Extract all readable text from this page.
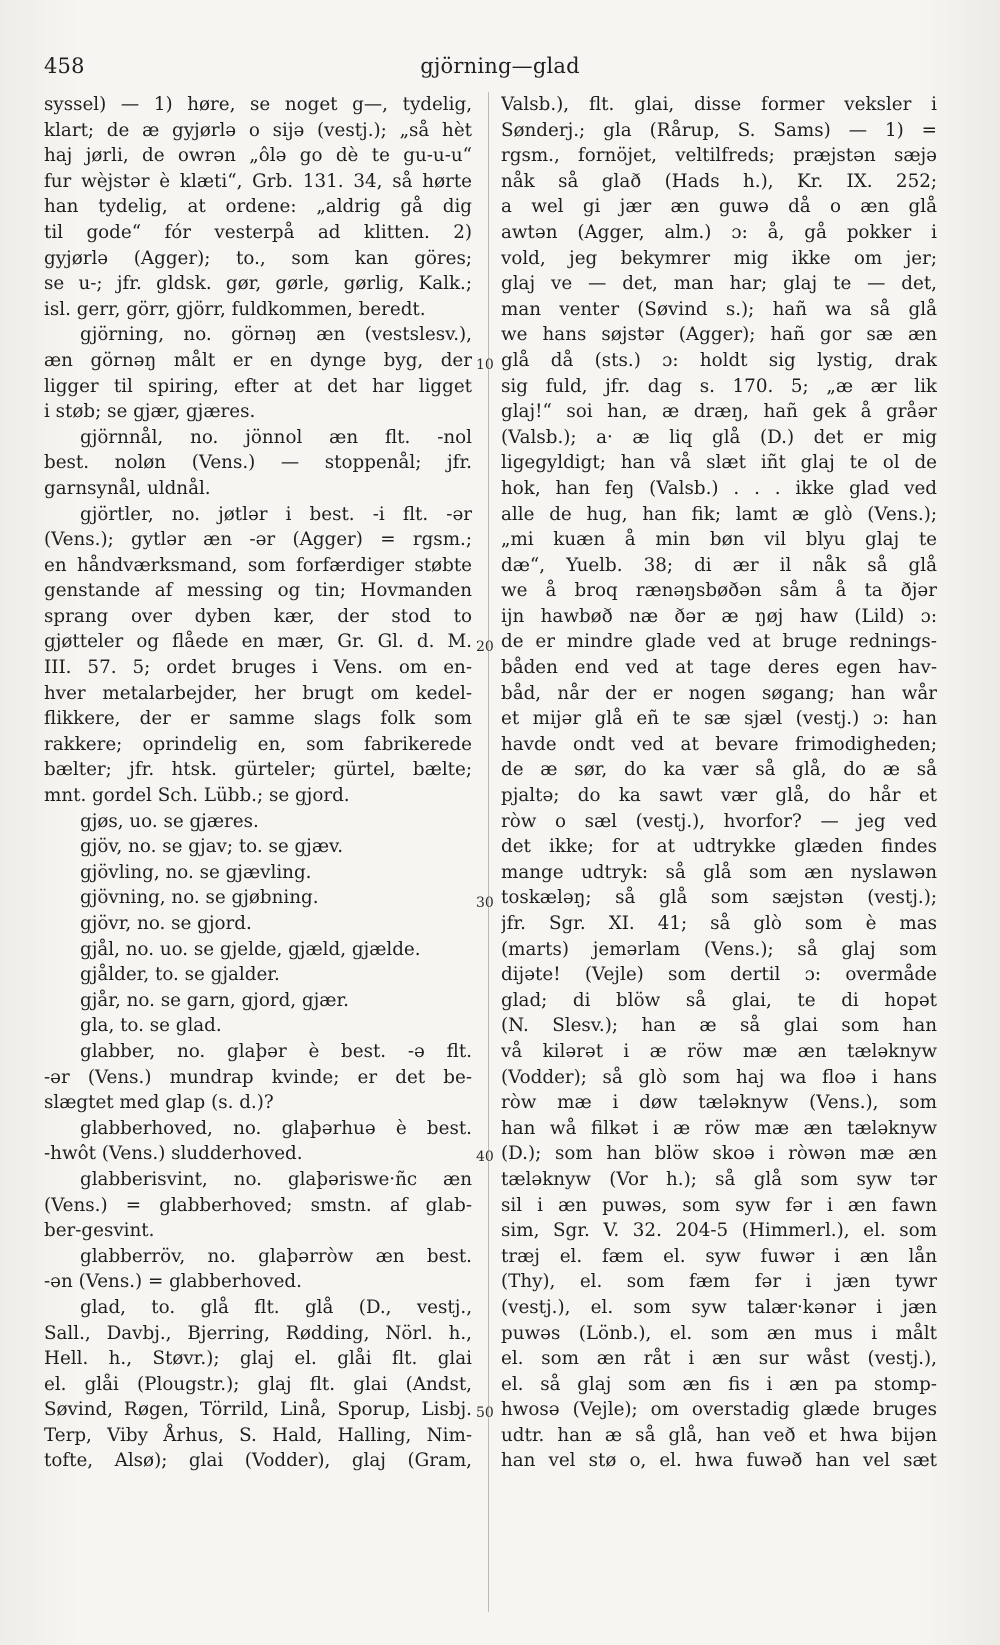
458	gjörning—glad
10
20
30
40
50
syssel) — 1) høre, se noget g—, tydelig,
klart; de æ gyjørlə o sijə (vestj.); „så hèt
haj jørli, de owrən „ôlə go dè te gu-u-u“
fur wèjstər è klæti“, Grb. 131. 34, så hørte
han tydelig, at ordene: „aldrig gå dig
til gode“ fór vesterpå ad klitten. 2)
gyjørlə (Agger); to., som kan göres;
se u-; jfr. gldsk. gør, gørle, gørlig, Kalk.;
isl. gerr, görr, gjörr, fuldkommen, beredt.
gjörning, no. görnəŋ æn (vestslesv.),
æn görnəŋ målt er en dynge byg, der
ligger til spiring, efter at det har ligget
i støb; se gjær, gjæres.
gjörnnål, no. jönnol æn flt. -nol
best. noløn (Vens.) — stoppenål; jfr.
garnsynål, uldnål.
gjörtler, no. jøtlər i best. -i flt. -ər
(Vens.); gytlər æn -ər (Agger) = rgsm.;
en håndværksmand, som forfærdiger støbte
genstande af messing og tin; Hovmanden
sprang over dyben kær, der stod to
gjøtteler og flåede en mær, Gr. Gl. d. M.
III. 57. 5; ordet bruges i Vens. om en-
hver metalarbejder, her brugt om kedel-
flikkere, der er samme slags folk som
rakkere; oprindelig en, som fabrikerede
bælter; jfr. htsk. gürteler; gürtel, bælte;
mnt. gordel Sch. Lübb.; se gjord.
gjøs, uo. se gjæres.
gjöv, no. se gjav; to. se gjæv.
gjövling, no. se gjævling.
gjövning, no. se gjøbning.
gjövr, no. se gjord.
gjål, no. uo. se gjelde, gjæld, gjælde.
gjålder, to. se gjalder.
gjår, no. se garn, gjord, gjær.
gla, to. se glad.
glabber, no. glaþər è best. -ə flt.
-ər (Vens.) mundrap kvinde; er det be-
slægtet med glap (s. d.)?
glabberhoved, no. glaþərhuə è best.
-hwôt (Vens.) sludderhoved.
glabberisvint, no. glaþəriswe·ñc æn
(Vens.) = glabberhoved; smstn. af glab-
ber-gesvint.
glabberröv, no. glaþərròw æn best.
-ən (Vens.) = glabberhoved.
glad, to. glå flt. glå (D., vestj.,
Sall., Davbj., Bjerring, Rødding, Nörl. h.,
Hell. h., Støvr.); glaj el. glåi flt. glai
el. glåi (Plougstr.); glaj flt. glai (Andst,
Søvind, Røgen, Törrild, Linå, Sporup, Lisbj.
Terp, Viby Århus, S. Hald, Halling, Nim-
tofte, Alsø); glai (Vodder), glaj (Gram,
Valsb.), flt. glai, disse former veksler i
Sønderj.; gla (Rårup, S. Sams) — 1) =
rgsm., fornöjet, veltilfreds; præjstən sæjə
nåk så glað (Hads h.), Kr. IX. 252;
a wel gi jær æn guwə då o æn glå
awtən (Agger, alm.) ɔ: å, gå pokker i
vold, jeg bekymrer mig ikke om jer;
glaj ve — det, man har; glaj te — det,
man venter (Søvind s.); hañ wa så glå
we hans søjstər (Agger); hañ gor sæ æn
glå då (sts.) ɔ: holdt sig lystig, drak
sig fuld, jfr. dag s. 170. 5; „æ ær lik
glaj!“ soi han, æ dræŋ, hañ gek å gråər
(Valsb.); a· æ liq glå (D.) det er mig
ligegyldigt; han vå slæt iñt glaj te ol de
hok, han feŋ (Valsb.) . . . ikke glad ved
alle de hug, han fik; lamt æ glò (Vens.);
„mi kuæn å min bøn vil blyu glaj te
dæ“, Yuelb. 38; di ær il nåk så glå
we å broq rænəŋsbøðən såm å ta ðjər
ijn hawbøð næ ðər æ ŋøj haw (Lild) ɔ:
de er mindre glade ved at bruge rednings-
båden end ved at tage deres egen hav-
båd, når der er nogen søgang; han wår
et mijər glå eñ te sæ sjæl (vestj.) ɔ: han
havde ondt ved at bevare frimodigheden;
de æ sør, do ka vær så glå, do æ så
pjaltə; do ka sawt vær glå, do hår et
ròw o sæl (vestj.), hvorfor? — jeg ved
det ikke; for at udtrykke glæden findes
mange udtryk: så glå som æn nyslawən
toskæləŋ; så glå som sæjstən (vestj.);
jfr. Sgr. XI. 41; så glò som è mas
(marts) jemərlam (Vens.); så glaj som
dijəte! (Vejle) som dertil ɔ: overmåde
glad; di blöw så glai, te di hopət
(N. Slesv.); han æ så glai som han
vå kilərət i æ röw mæ æn tæləknyw
(Vodder); så glò som haj wa floə i hans
ròw mæ i døw tæləknyw (Vens.), som
han wå filkət i æ röw mæ æn tæləknyw
(D.); som han blöw skoə i ròwən mæ æn
tæləknyw (Vor h.); så glå som syw tər
sil i æn puwəs, som syw fər i æn fawn
sim, Sgr. V. 32. 204-5 (Himmerl.), el. som
træj el. fæm el. syw fuwər i æn lån
(Thy), el. som fæm fər i jæn tywr
(vestj.), el. som syw talær·kənər i jæn
puwəs (Lönb.), el. som æn mus i målt
el. som æn råt i æn sur wåst (vestj.),
el. så glaj som æn fis i æn pa stomp-
hwosə (Vejle); om overstadig glæde bruges
udtr. han æ så glå, han veð et hwa bijən
han vel stø o, el. hwa fuwəð han vel sæt
